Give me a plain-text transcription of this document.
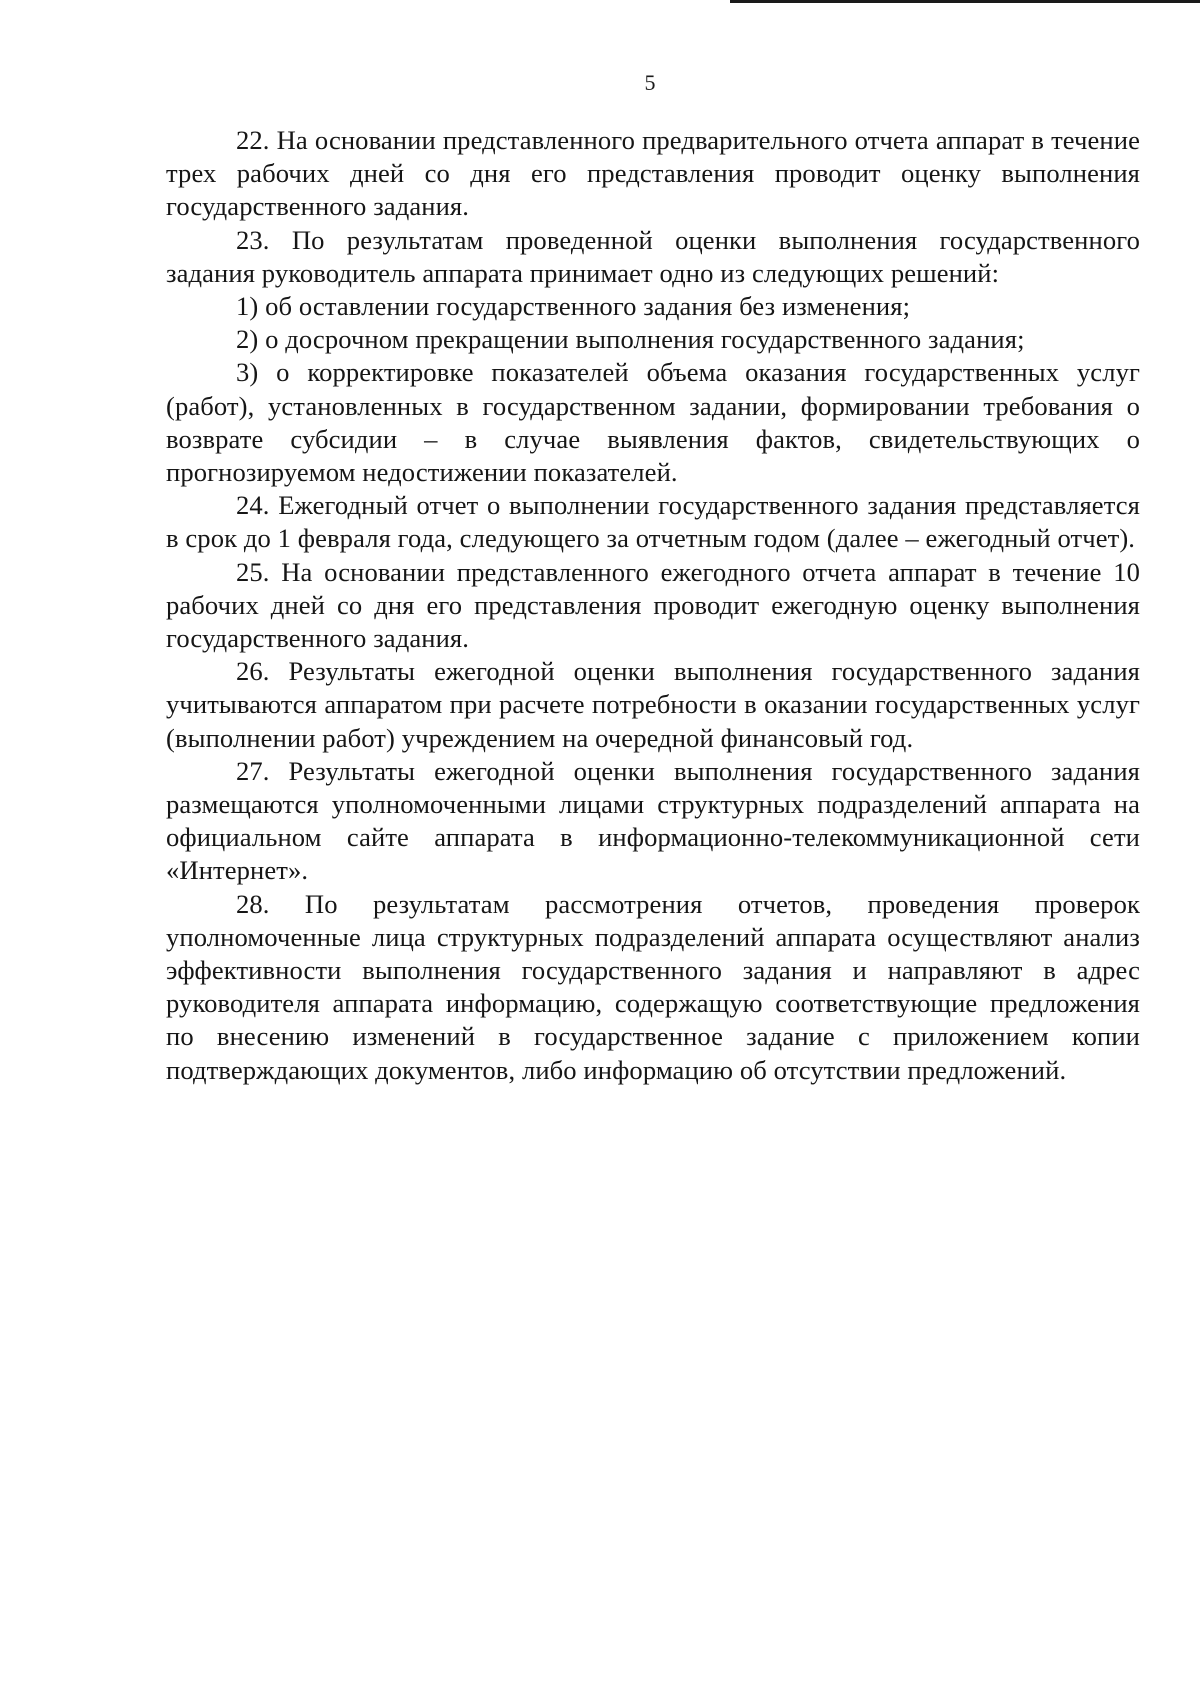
5

22. На основании представленного предварительного отчета аппарат в течение трех рабочих дней со дня его представления проводит оценку выполнения государственного задания.

23. По результатам проведенной оценки выполнения государственного задания руководитель аппарата принимает одно из следующих решений:

1) об оставлении государственного задания без изменения;

2) о досрочном прекращении выполнения государственного задания;

3) о корректировке показателей объема оказания государственных услуг (работ), установленных в государственном задании, формировании требования о возврате субсидии – в случае выявления фактов, свидетельствующих о прогнозируемом недостижении показателей.

24. Ежегодный отчет о выполнении государственного задания представляется в срок до 1 февраля года, следующего за отчетным годом (далее – ежегодный отчет).

25. На основании представленного ежегодного отчета аппарат в течение 10 рабочих дней со дня его представления проводит ежегодную оценку выполнения государственного задания.

26. Результаты ежегодной оценки выполнения государственного задания учитываются аппаратом при расчете потребности в оказании государственных услуг (выполнении работ) учреждением на очередной финансовый год.

27. Результаты ежегодной оценки выполнения государственного задания размещаются уполномоченными лицами структурных подразделений аппарата на официальном сайте аппарата в информационно-телекоммуникационной сети «Интернет».

28. По результатам рассмотрения отчетов, проведения проверок уполномоченные лица структурных подразделений аппарата осуществляют анализ эффективности выполнения государственного задания и направляют в адрес руководителя аппарата информацию, содержащую соответствующие предложения по внесению изменений в государственное задание с приложением копии подтверждающих документов, либо информацию об отсутствии предложений.
